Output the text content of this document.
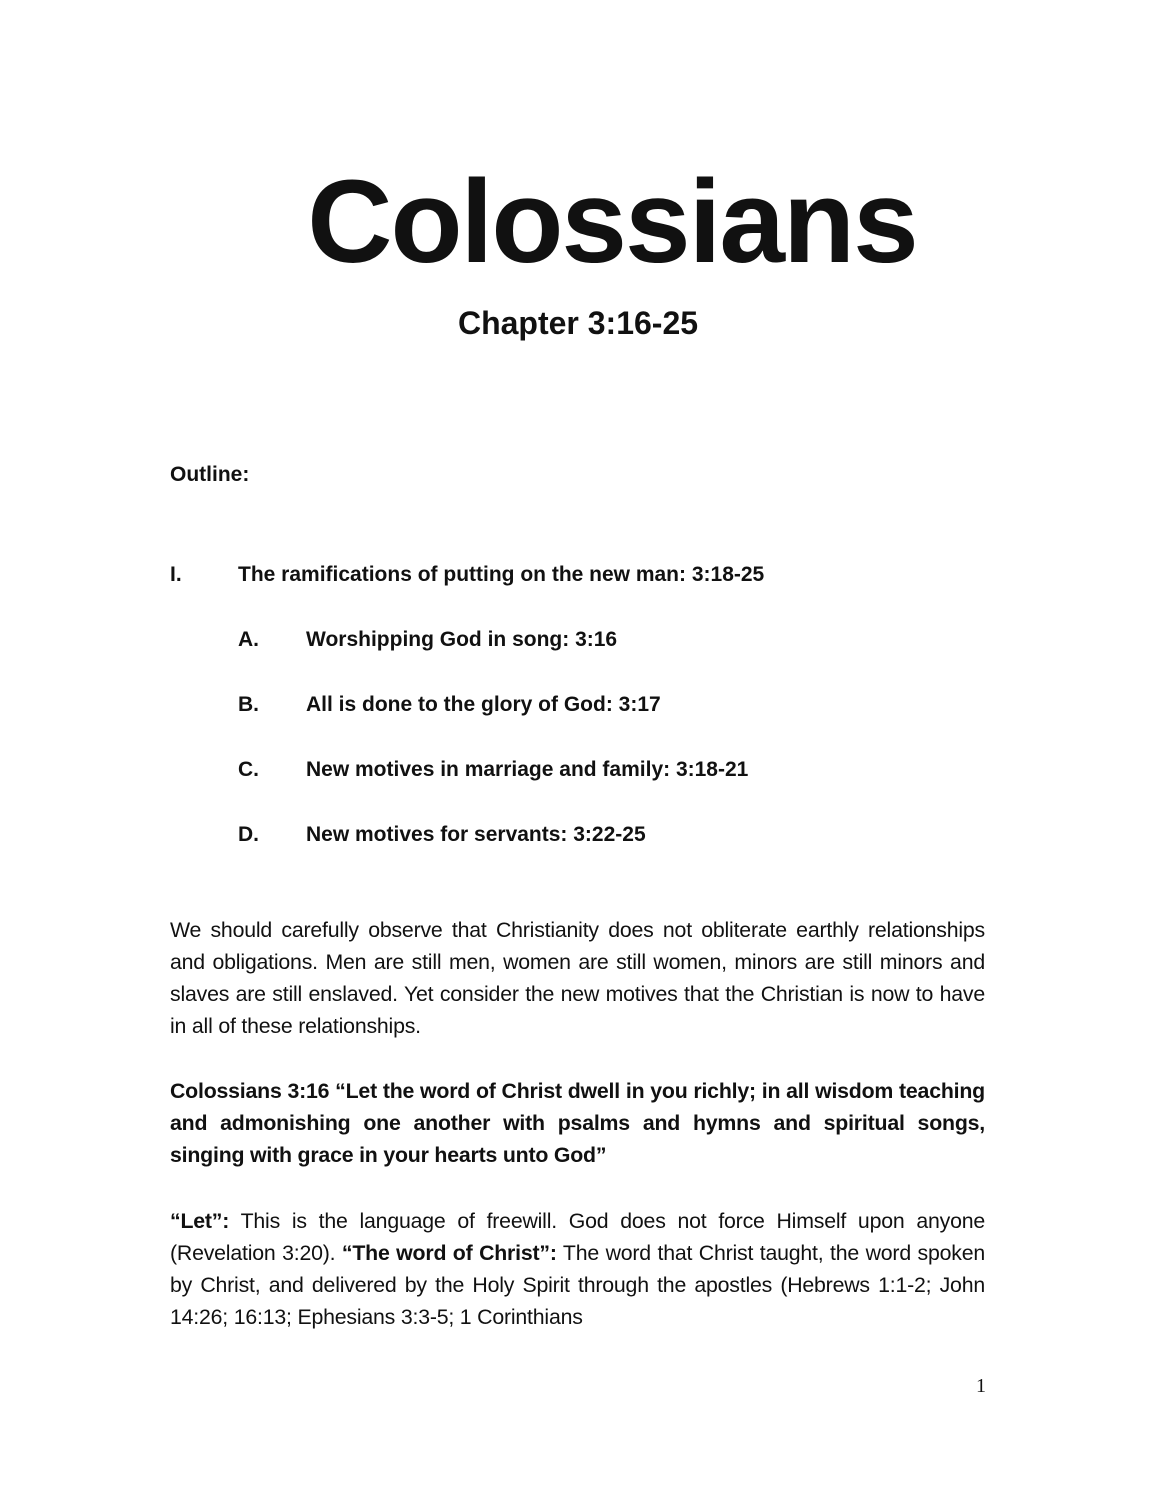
Colossians
Chapter 3:16-25
Outline:
I.	The ramifications of putting on the new man: 3:18-25
A. Worshipping God in song: 3:16
B. All is done to the glory of God: 3:17
C. New motives in marriage and family: 3:18-21
D. New motives for servants: 3:22-25

We should carefully observe that Christianity does not obliterate earthly relationships and obligations. Men are still men, women are still women, minors are still minors and slaves are still enslaved. Yet consider the new motives that the Christian is now to have in all of these relationships.

Colossians 3:16 “Let the word of Christ dwell in you richly; in all wisdom teaching and admonishing one another with psalms and hymns and spiritual songs, singing with grace in your hearts unto God”

“Let”: This is the language of freewill. God does not force Himself upon anyone (Revelation 3:20). “The word of Christ”: The word that Christ taught, the word spoken by Christ, and delivered by the Holy Spirit through the apostles (Hebrews 1:1-2; John 14:26; 16:13; Ephesians 3:3-5; 1 Corinthians

1
